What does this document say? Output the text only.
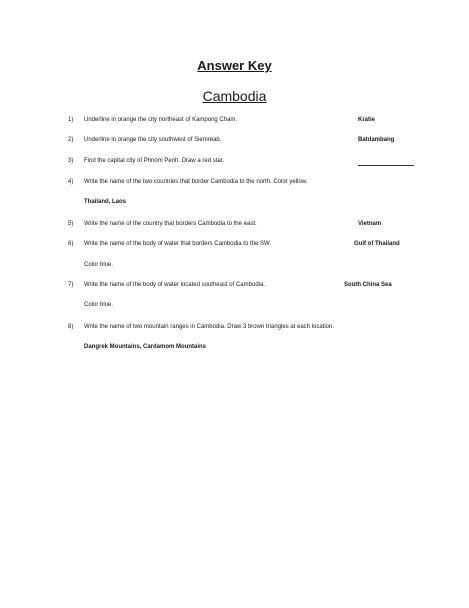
Answer Key
Cambodia
1) Underline in orange the city northeast of Kampong Cham.	Kratie
2) Underline in orange the city southwest of Siemreab.	Batdambang
3) Find the capital city of Phnom Penh. Draw a red star.
4) Write the name of the two countries that border Cambodia to the north. Color yellow.
Thailand, Laos
5) Write the name of the country that borders Cambodia to the east.	Vietnam
6) Write the name of the body of water that borders Cambodia to the SW.	Gulf of Thailand
Color blue.
7) Write the name of the body of water located southeast of Cambodia.	South China Sea
Color blue.
8) Write the name of two mountain ranges in Cambodia. Draw 3 brown triangles at each location.
Dangrek Mountains, Cardamom Mountains
